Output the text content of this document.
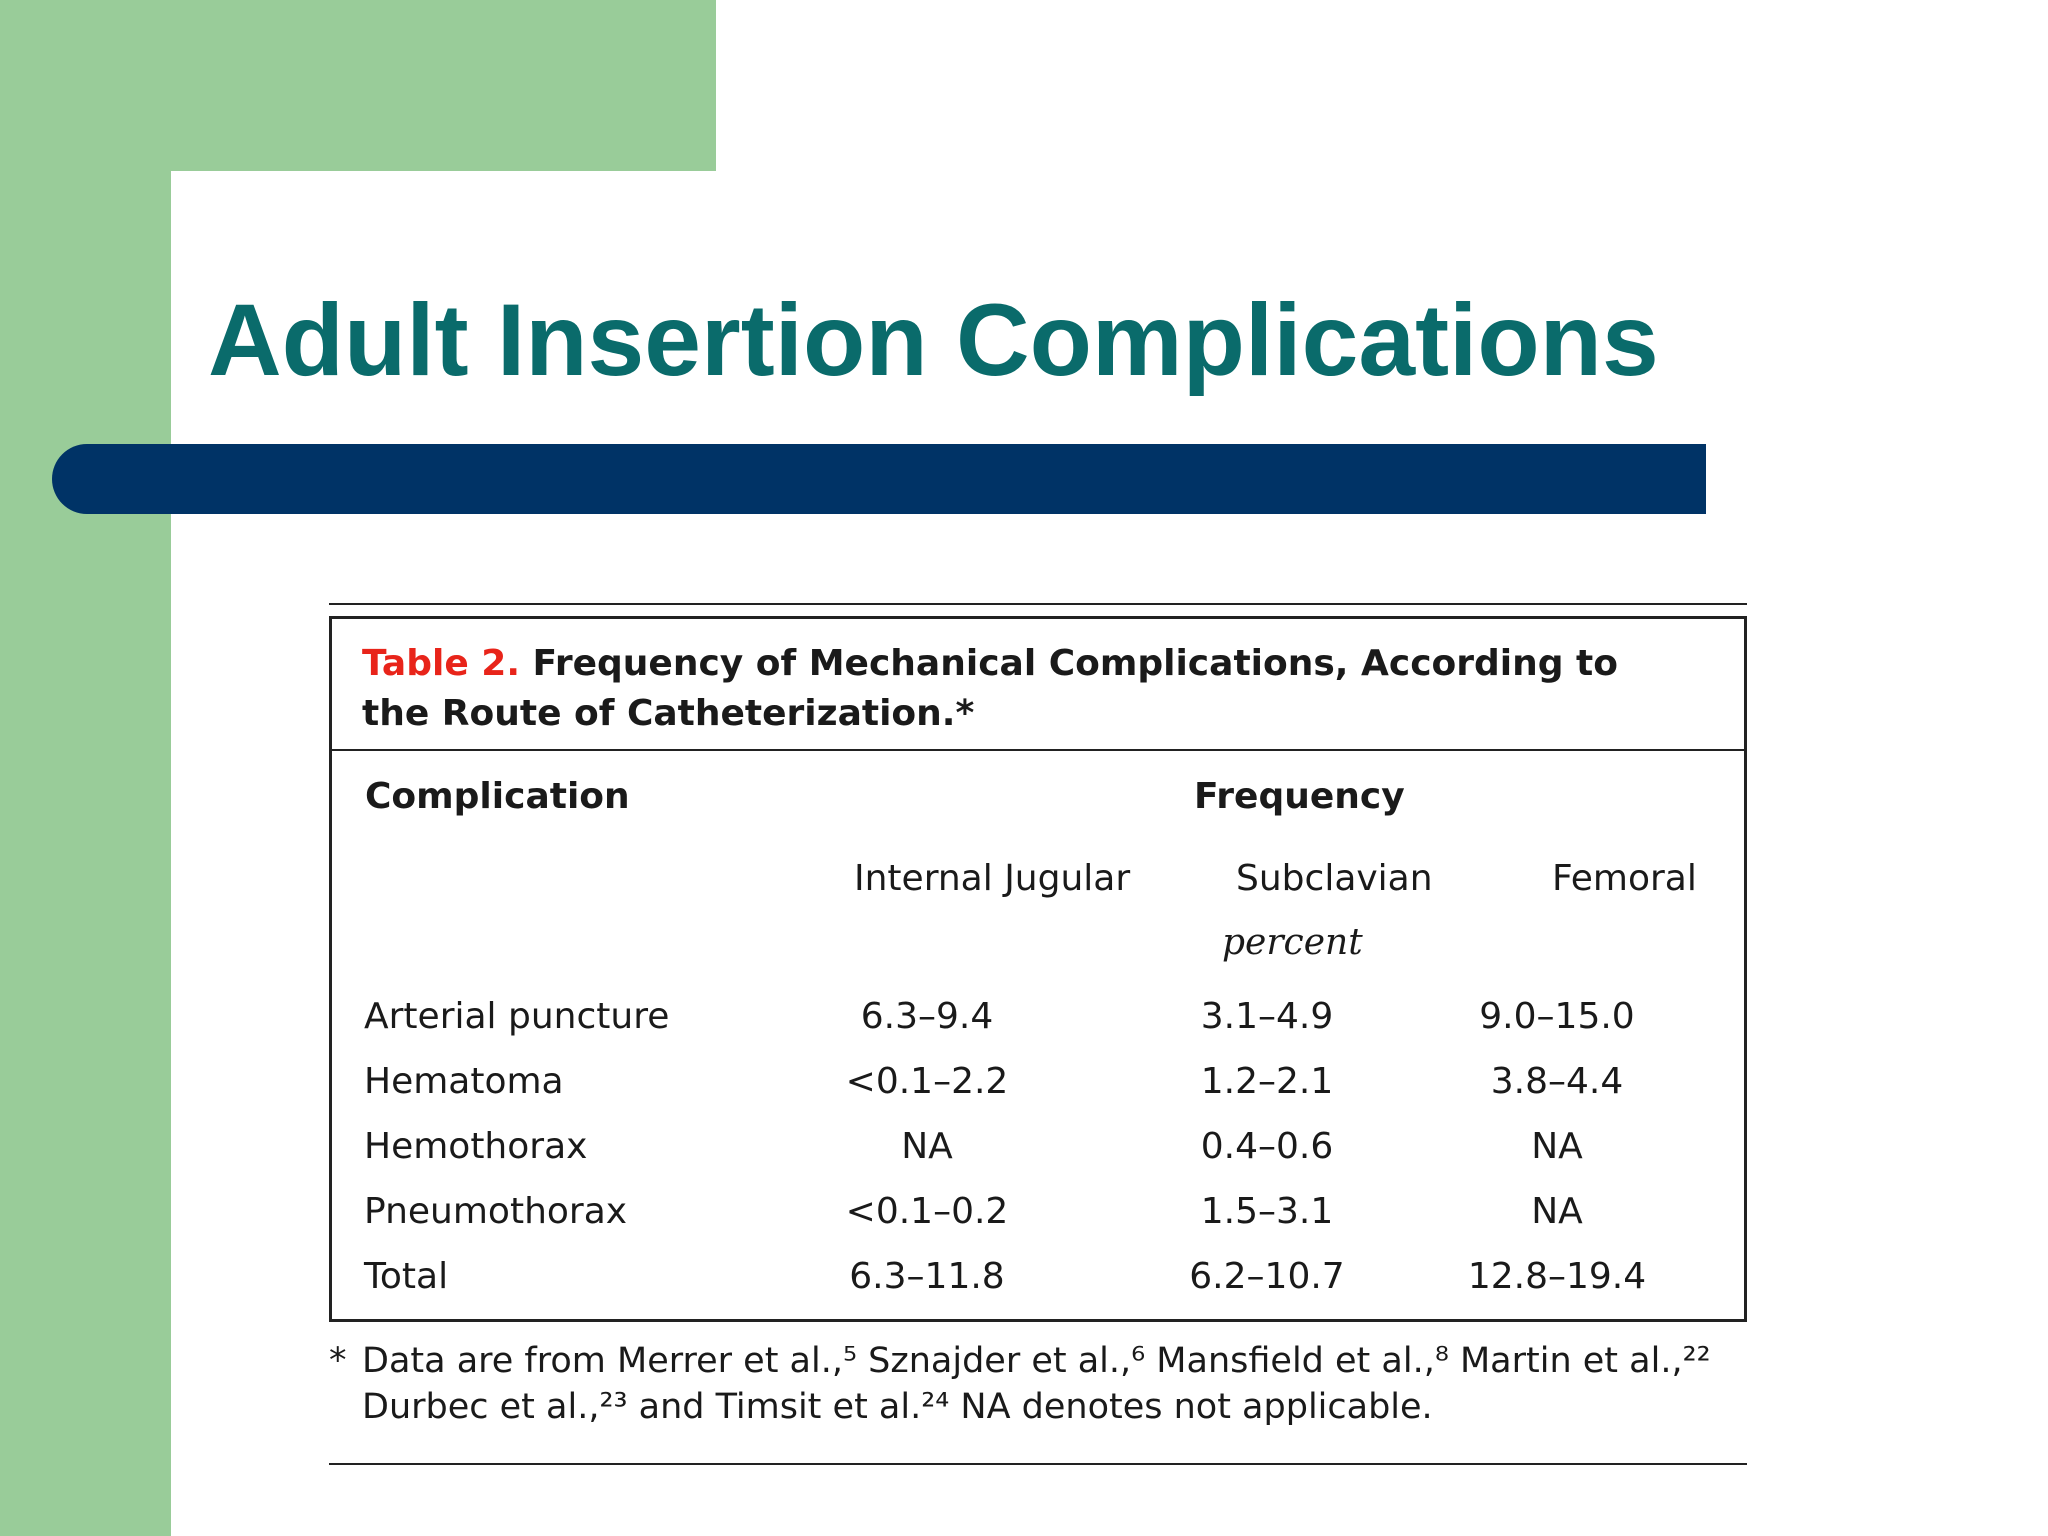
Adult Insertion Complications
Table 2. Frequency of Mechanical Complications, According to the Route of Catheterization.*
Complication	Frequency
Internal Jugular	Subclavian	Femoral
percent
Arterial puncture	6.3–9.4	3.1–4.9	9.0–15.0
Hematoma	<0.1–2.2	1.2–2.1	3.8–4.4
Hemothorax	NA	0.4–0.6	NA
Pneumothorax	<0.1–0.2	1.5–3.1	NA
Total	6.3–11.8	6.2–10.7	12.8–19.4
* Data are from Merrer et al.,⁵ Sznajder et al.,⁶ Mansfield et al.,⁸ Martin et al.,²² Durbec et al.,²³ and Timsit et al.²⁴ NA denotes not applicable.
